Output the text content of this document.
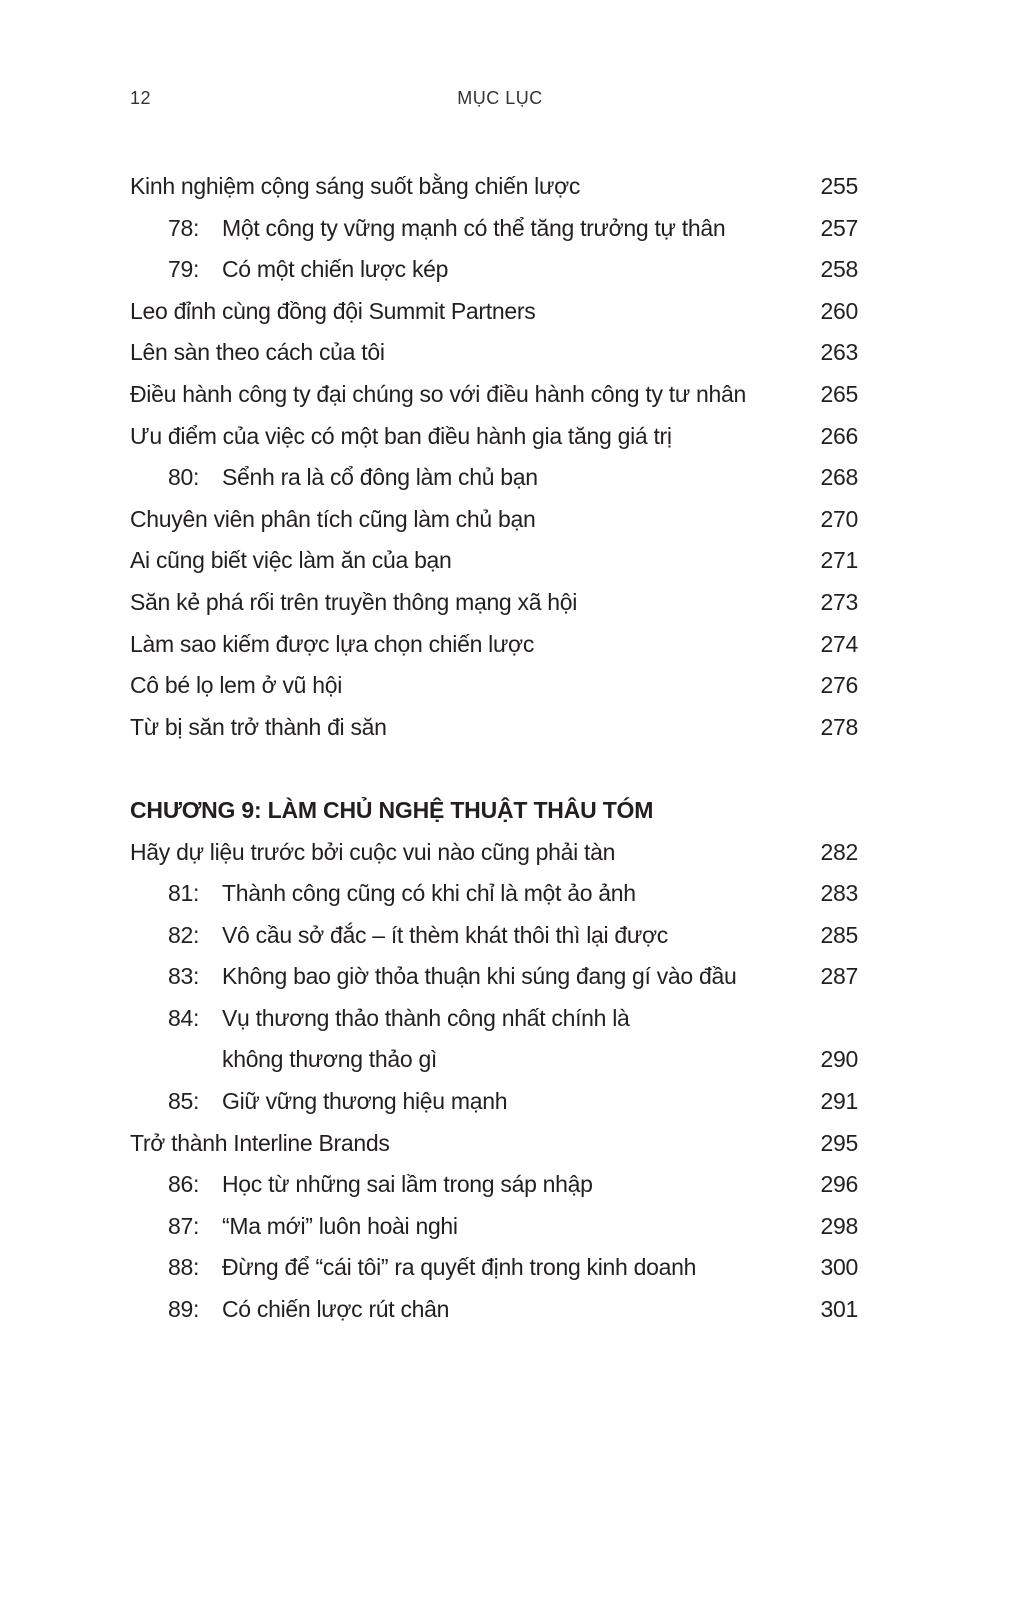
12	MỤC LỤC
Kinh nghiệm cộng sáng suốt bằng chiến lược	255
78: Một công ty vững mạnh có thể tăng trưởng tự thân	257
79: Có một chiến lược kép	258
Leo đỉnh cùng đồng đội Summit Partners	260
Lên sàn theo cách của tôi	263
Điều hành công ty đại chúng so với điều hành công ty tư nhân	265
Ưu điểm của việc có một ban điều hành gia tăng giá trị	266
80: Sểnh ra là cổ đông làm chủ bạn	268
Chuyên viên phân tích cũng làm chủ bạn	270
Ai cũng biết việc làm ăn của bạn	271
Săn kẻ phá rối trên truyền thông mạng xã hội	273
Làm sao kiếm được lựa chọn chiến lược	274
Cô bé lọ lem ở vũ hội	276
Từ bị săn trở thành đi săn	278
CHƯƠNG 9: LÀM CHỦ NGHỆ THUẬT THÂU TÓM
Hãy dự liệu trước bởi cuộc vui nào cũng phải tàn	282
81: Thành công cũng có khi chỉ là một ảo ảnh	283
82: Vô cầu sở đắc – ít thèm khát thôi thì lại được	285
83: Không bao giờ thỏa thuận khi súng đang gí vào đầu	287
84: Vụ thương thảo thành công nhất chính là
không thương thảo gì	290
85: Giữ vững thương hiệu mạnh	291
Trở thành Interline Brands	295
86: Học từ những sai lầm trong sáp nhập	296
87: “Ma mới” luôn hoài nghi	298
88: Đừng để “cái tôi” ra quyết định trong kinh doanh	300
89: Có chiến lược rút chân	301
